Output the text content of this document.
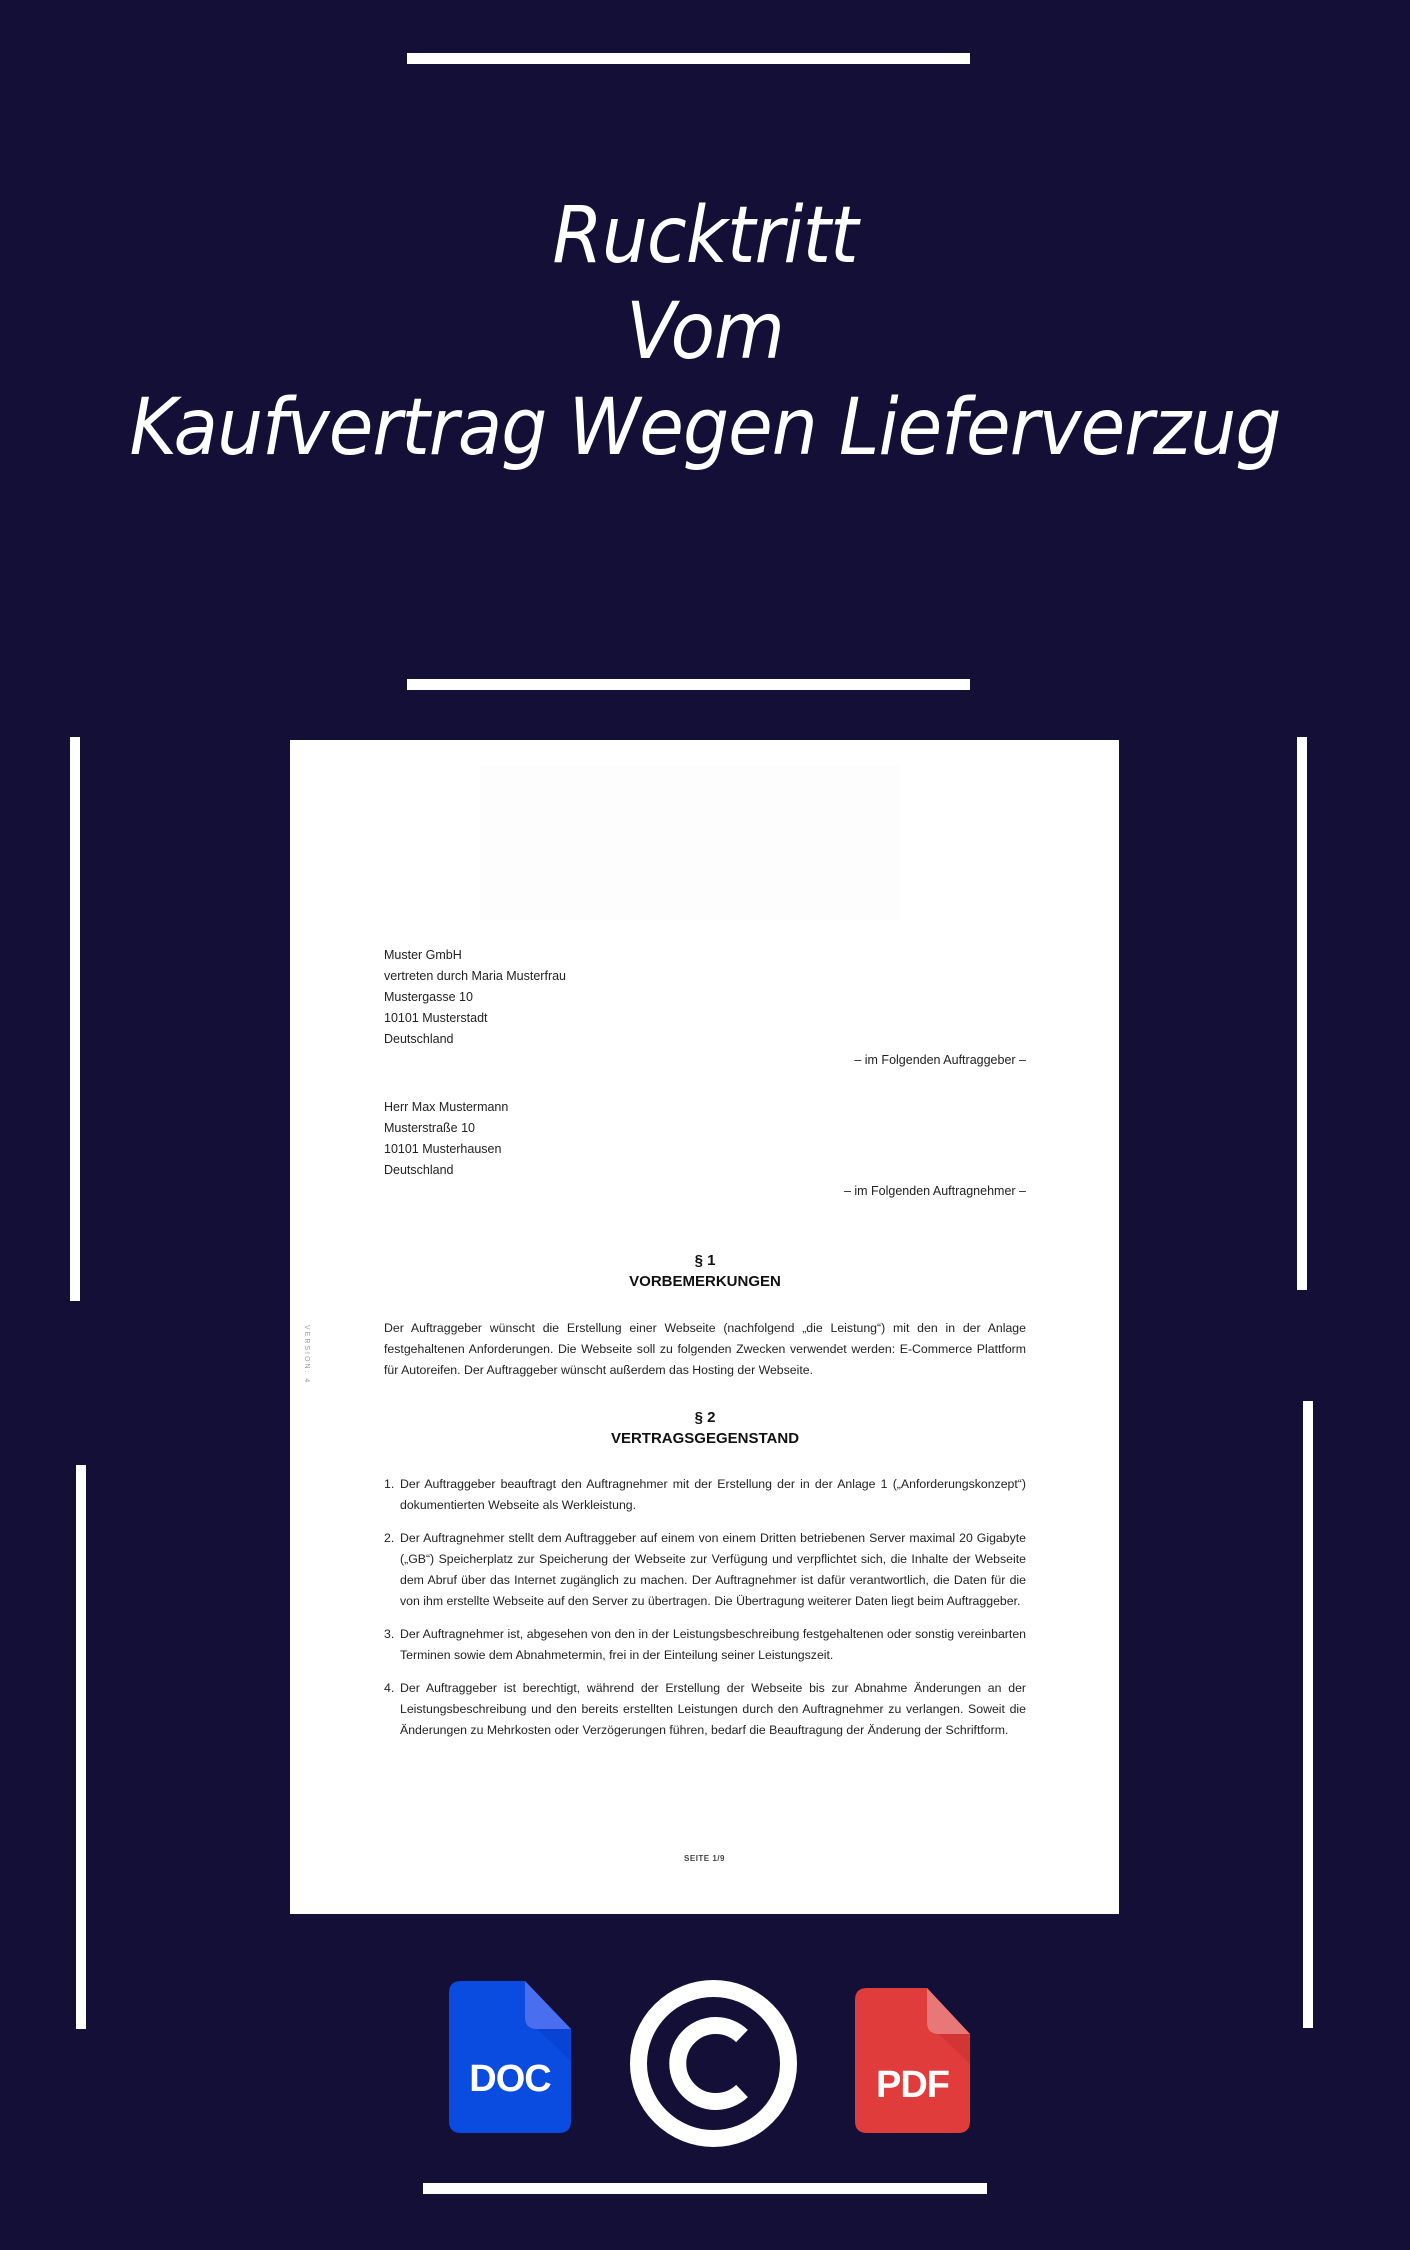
Rucktritt
Vom
Kaufvertrag Wegen Lieferverzug
VERSION: 4
Muster GmbH
vertreten durch Maria Musterfrau
Mustergasse 10
10101 Musterstadt
Deutschland
– im Folgenden Auftraggeber –
Herr Max Mustermann
Musterstraße 10
10101 Musterhausen
Deutschland
– im Folgenden Auftragnehmer –
§ 1
VORBEMERKUNGEN
Der Auftraggeber wünscht die Erstellung einer Webseite (nachfolgend „die Leistung“) mit den in der Anlage festgehaltenen Anforderungen. Die Webseite soll zu folgenden Zwecken verwendet werden: E-Commerce Plattform für Autoreifen. Der Auftraggeber wünscht außerdem das Hosting der Webseite.
§ 2
VERTRAGSGEGENSTAND
1. Der Auftraggeber beauftragt den Auftragnehmer mit der Erstellung der in der Anlage 1 („Anforderungskonzept“) dokumentierten Webseite als Werkleistung.
2. Der Auftragnehmer stellt dem Auftraggeber auf einem von einem Dritten betriebenen Server maximal 20 Gigabyte („GB“) Speicherplatz zur Speicherung der Webseite zur Verfügung und verpflichtet sich, die Inhalte der Webseite dem Abruf über das Internet zugänglich zu machen. Der Auftragnehmer ist dafür verantwortlich, die Daten für die von ihm erstellte Webseite auf den Server zu übertragen. Die Übertragung weiterer Daten liegt beim Auftraggeber.
3. Der Auftragnehmer ist, abgesehen von den in der Leistungsbeschreibung festgehaltenen oder sonstig vereinbarten Terminen sowie dem Abnahmetermin, frei in der Einteilung seiner Leistungszeit.
4. Der Auftraggeber ist berechtigt, während der Erstellung der Webseite bis zur Abnahme Änderungen an der Leistungsbeschreibung und den bereits erstellten Leistungen durch den Auftragnehmer zu verlangen. Soweit die Änderungen zu Mehrkosten oder Verzögerungen führen, bedarf die Beauftragung der Änderung der Schriftform.
SEITE 1/9
DOC	PDF
